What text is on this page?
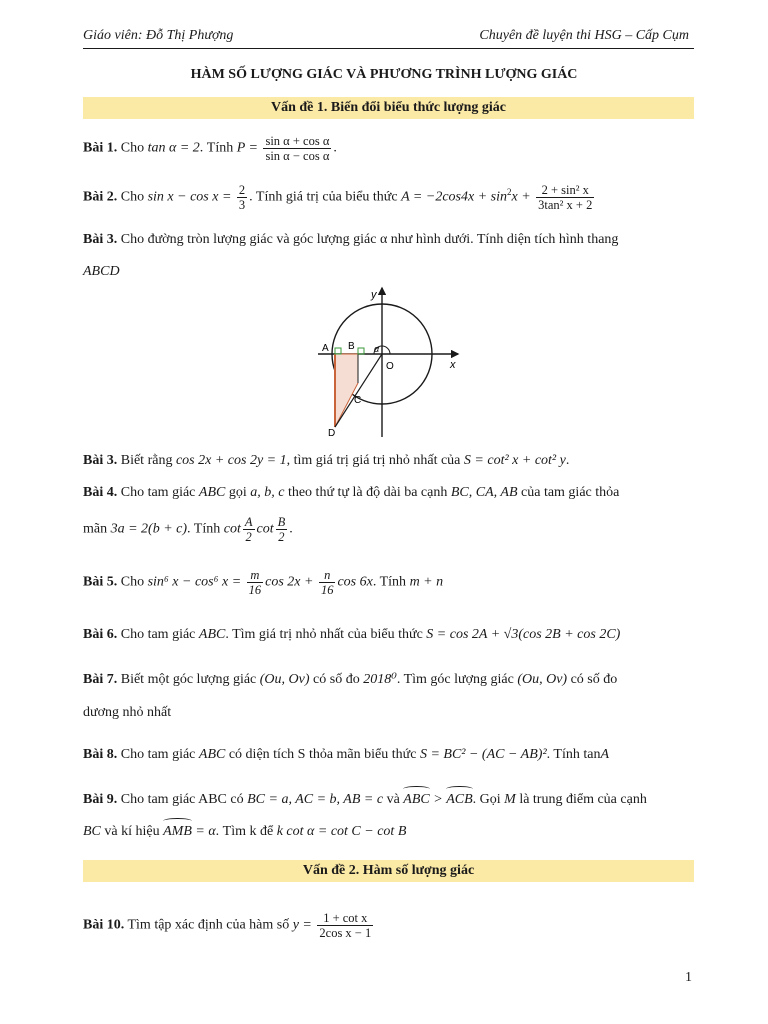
Giáo viên: Đỗ Thị Phượng	Chuyên đề luyện thi HSG – Cấp Cụm
HÀM SỐ LƯỢNG GIÁC VÀ PHƯƠNG TRÌNH LƯỢNG GIÁC
Vấn đề 1. Biến đổi biểu thức lượng giác
Bài 1. Cho tan α = 2. Tính $P = \frac{\text{sin α + cos α}}{\text{sin α − cos α}}$ .
Bài 2. Cho $\sin x - \cos x = \frac{2}{3}$ . Tính giá trị của biểu thức $A = -2\cos 4x + \sin^2x + \frac{\text{2 + sin² x}}{\text{3tan² x + 2}}$
Bài 3. Cho đường tròn lượng giác và góc lượng giác α như hình dưới. Tính diện tích hình thang
ABCD
y
x
A B
C
D
O
α
Bài 3. Biết rằng cos 2x + cos 2y = 1, tìm giá trị giá trị nhỏ nhất của S = cot² x + cot² y.
Bài 4. Cho tam giác ABC gọi a, b, c theo thứ tự là độ dài ba cạnh BC, CA, AB của tam giác thỏa
mãn 3a = 2(b + c). Tính $\cot \frac{A}{2}$ $\cot \frac{B}{2}$ .
Bài 5. Cho sin⁶ x − cos⁶ $x = \frac{m}{16}$ $\cos 2x + \frac{n}{16}$ cos 6x. Tính m + n
Bài 6. Cho tam giác ABC. Tìm giá trị nhỏ nhất của biểu thức S = cos 2A + √3(cos 2B + cos 2C)
Bài 7. Biết một góc lượng giác (Ou, Ov) có số đo 2018⁰. Tìm góc lượng giác (Ou, Ov) có số đo
dương nhỏ nhất
Bài 8. Cho tam giác ABC có diện tích S thỏa mãn biểu thức S = BC² − (AC − AB)². Tính tanA
Bài 9. Cho tam giác ABC có BC = a, AC = b, AB = c và ABC > ACB. Gọi M là trung điểm của cạnh
BC và kí hiệu AMB = α. Tìm k để k cot α = cot C − cot B
Vấn đề 2. Hàm số lượng giác
Bài 10. Tìm tập xác định của hàm số $y = \frac{\text{1 + cot x}}{\text{2cos x − 1}}$
1
